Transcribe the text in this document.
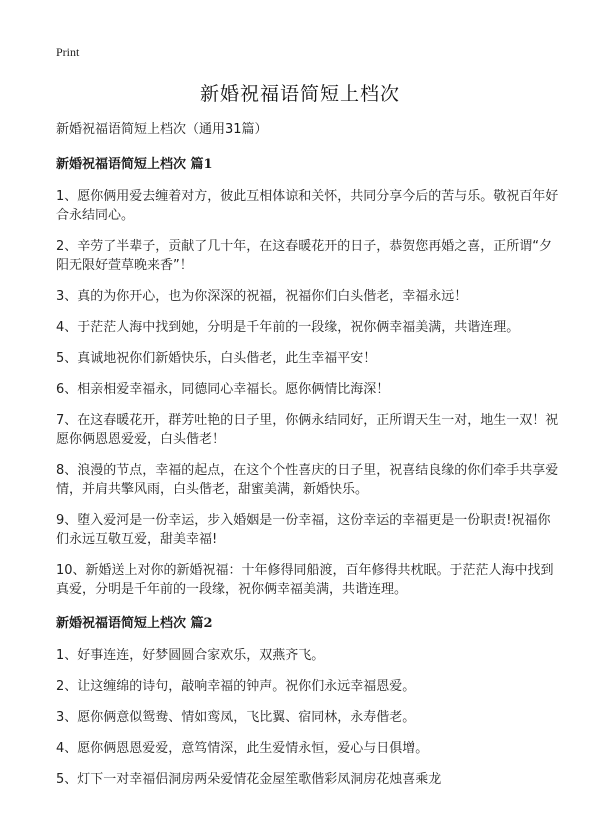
Print
新婚祝福语简短上档次
新婚祝福语简短上档次（通用31篇）
新婚祝福语简短上档次 篇1

1、愿你俩用爱去缠着对方，彼此互相体谅和关怀，共同分享今后的苦与乐。敬祝百年好合永结同心。

2、辛劳了半辈子，贡献了几十年，在这春暖花开的日子，恭贺您再婚之喜，正所谓“夕阳无限好萱草晚来香”！

3、真的为你开心，也为你深深的祝福，祝福你们白头偕老，幸福永远！

4、于茫茫人海中找到她，分明是千年前的一段缘，祝你俩幸福美满，共谐连理。

5、真诚地祝你们新婚快乐，白头偕老，此生幸福平安！

6、相亲相爱幸福永，同德同心幸福长。愿你俩情比海深！

7、在这春暖花开，群芳吐艳的日子里，你俩永结同好，正所谓天生一对，地生一双！祝愿你俩恩恩爱爱，白头偕老！

8、浪漫的节点，幸福的起点，在这个个性喜庆的日子里，祝喜结良缘的你们牵手共享爱情，并肩共擎风雨，白头偕老，甜蜜美满，新婚快乐。

9、堕入爱河是一份幸运，步入婚姻是一份幸福，这份幸运的幸福更是一份职责!祝福你们永远互敬互爱，甜美幸福!

10、新婚送上对你的新婚祝福：十年修得同船渡，百年修得共枕眠。于茫茫人海中找到真爱，分明是千年前的一段缘，祝你俩幸福美满，共谐连理。

新婚祝福语简短上档次 篇2

1、好事连连，好梦圆圆合家欢乐，双燕齐飞。

2、让这缠绵的诗句，敲响幸福的钟声。祝你们永远幸福恩爱。

3、愿你俩意似鸳鸯、情如鸾凤，飞比翼、宿同林，永寿偕老。

4、愿你俩恩恩爱爱，意笃情深，此生爱情永恒，爱心与日俱增。

5、灯下一对幸福侣洞房两朵爱情花金屋笙歌偕彩凤洞房花烛喜乘龙
